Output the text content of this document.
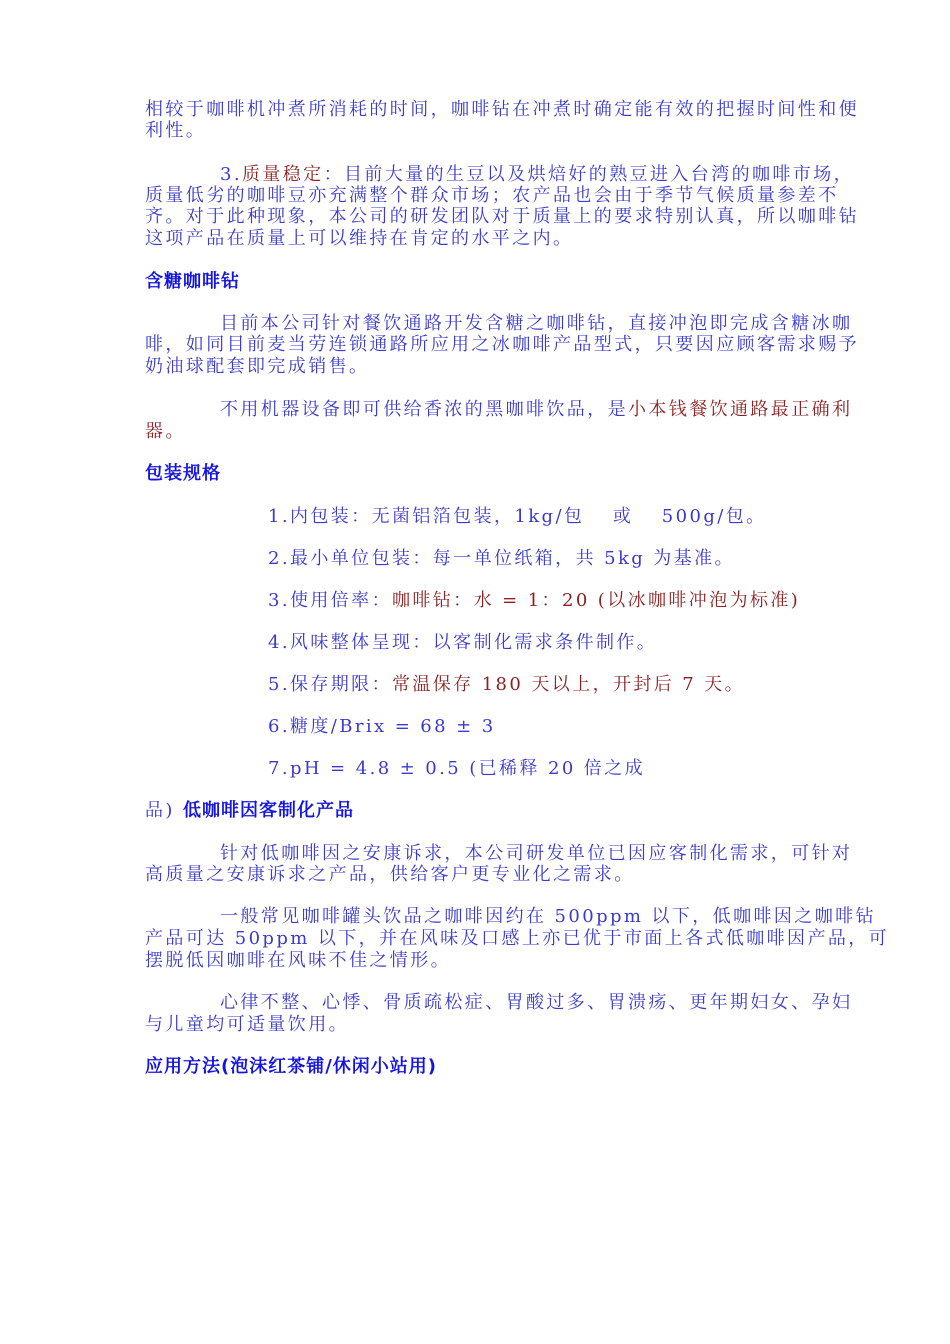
相较于咖啡机冲煮所消耗的时间，咖啡钻在冲煮时确定能有效的把握时间性和便
利性。
3.质量稳定：目前大量的生豆以及烘焙好的熟豆进入台湾的咖啡市场，
质量低劣的咖啡豆亦充满整个群众市场；农产品也会由于季节气候质量参差不
齐。对于此种现象，本公司的研发团队对于质量上的要求特别认真，所以咖啡钻
这项产品在质量上可以维持在肯定的水平之内。
含糖咖啡钻
目前本公司针对餐饮通路开发含糖之咖啡钻，直接冲泡即完成含糖冰咖
啡，如同目前麦当劳连锁通路所应用之冰咖啡产品型式，只要因应顾客需求赐予
奶油球配套即完成销售。
不用机器设备即可供给香浓的黑咖啡饮品，是小本钱餐饮通路最正确利
器。
包装规格
1.内包装：无菌铝箔包装，1kg/包　 或　 500g/包。
2.最小单位包装：每一单位纸箱，共 5kg 为基准。
3.使用倍率：咖啡钻：水 = 1：20 (以冰咖啡冲泡为标准)
4.风味整体呈现：以客制化需求条件制作。
5.保存期限：常温保存 180 天以上，开封后 7 天。
6.糖度/Brix = 68 ± 3
7.pH = 4.8 ± 0.5 (已稀释 20 倍之成
品) 低咖啡因客制化产品
针对低咖啡因之安康诉求，本公司研发单位已因应客制化需求，可针对
高质量之安康诉求之产品，供给客户更专业化之需求。
一般常见咖啡罐头饮品之咖啡因约在 500ppm 以下，低咖啡因之咖啡钻
产品可达 50ppm 以下，并在风味及口感上亦已优于市面上各式低咖啡因产品，可
摆脱低因咖啡在风味不佳之情形。
心律不整、心悸、骨质疏松症、胃酸过多、胃溃疡、更年期妇女、孕妇
与儿童均可适量饮用。
应用方法(泡沫红茶铺/休闲小站用)
